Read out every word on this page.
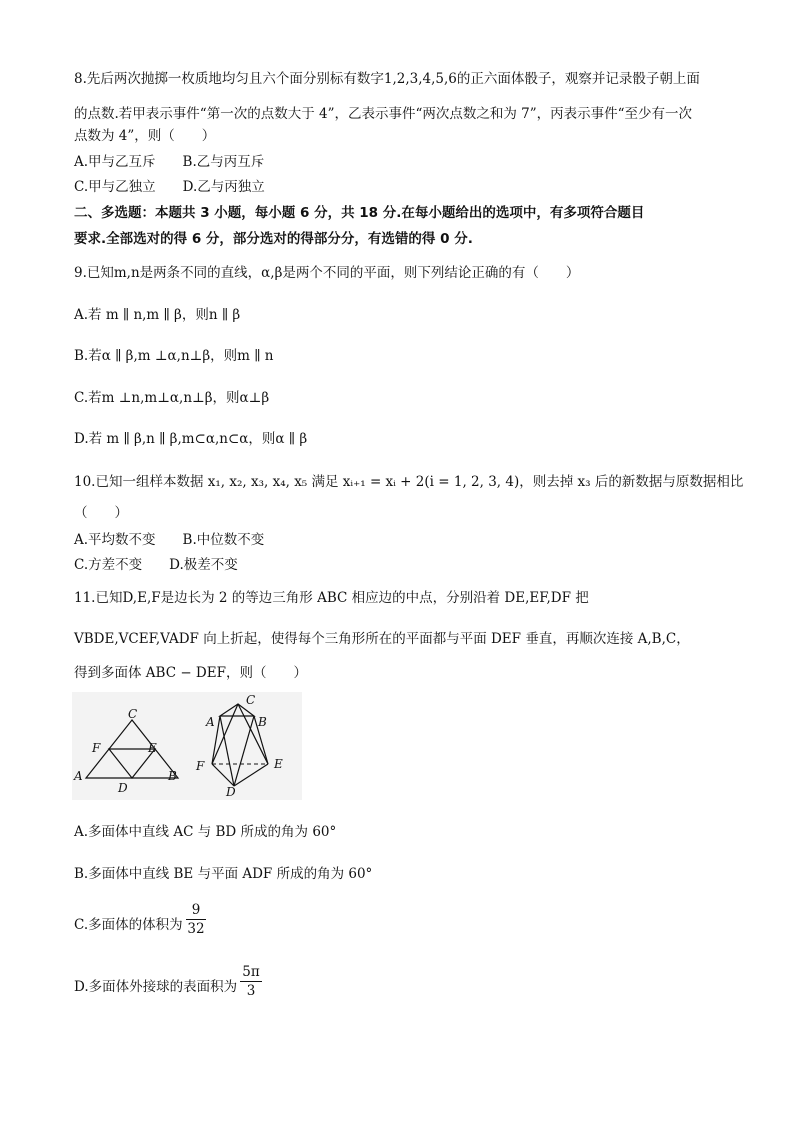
8.先后两次抛掷一枚质地均匀且六个面分别标有数字1,2,3,4,5,6的正六面体骰子，观察并记录骰子朝上面
的点数.若甲表示事件“第一次的点数大于 4”，乙表示事件“两次点数之和为 7”，丙表示事件“至少有一次
点数为 4”，则（　　）
A.甲与乙互斥　　B.乙与丙互斥
C.甲与乙独立　　D.乙与丙独立
二、多选题：本题共 3 小题，每小题 6 分，共 18 分.在每小题给出的选项中，有多项符合题目
要求.全部选对的得 6 分，部分选对的得部分分，有选错的得 0 分.
9.已知m,n是两条不同的直线，α,β是两个不同的平面，则下列结论正确的有（　　）
A.若 m ∥ n,m ∥ β，则n ∥ β
B.若α ∥ β,m ⊥α,n⊥β，则m ∥ n
C.若m ⊥n,m⊥α,n⊥β，则α⊥β
D.若 m ∥ β,n ∥ β,m⊂α,n⊂α，则α ∥ β
10.已知一组样本数据 x₁, x₂, x₃, x₄, x₅ 满足 xᵢ₊₁ = xᵢ + 2(i = 1, 2, 3, 4)，则去掉 x₃ 后的新数据与原数据相比
（　　）
A.平均数不变　　B.中位数不变
C.方差不变　　D.极差不变
11.已知D,E,F是边长为 2 的等边三角形 ABC 相应边的中点，分别沿着 DE,EF,DF 把
VBDE,VCEF,VADF 向上折起，使得每个三角形所在的平面都与平面 DEF 垂直，再顺次连接 A,B,C，
得到多面体 ABC − DEF，则（　　）
C
F	E
A
D
B
C
A	B
F	E
D
A.多面体中直线 AC 与 BD 所成的角为 60°
B.多面体中直线 BE 与平面 ADF 所成的角为 60°
C.多面体的体积为
9
32
D.多面体外接球的表面积为
5π
3
